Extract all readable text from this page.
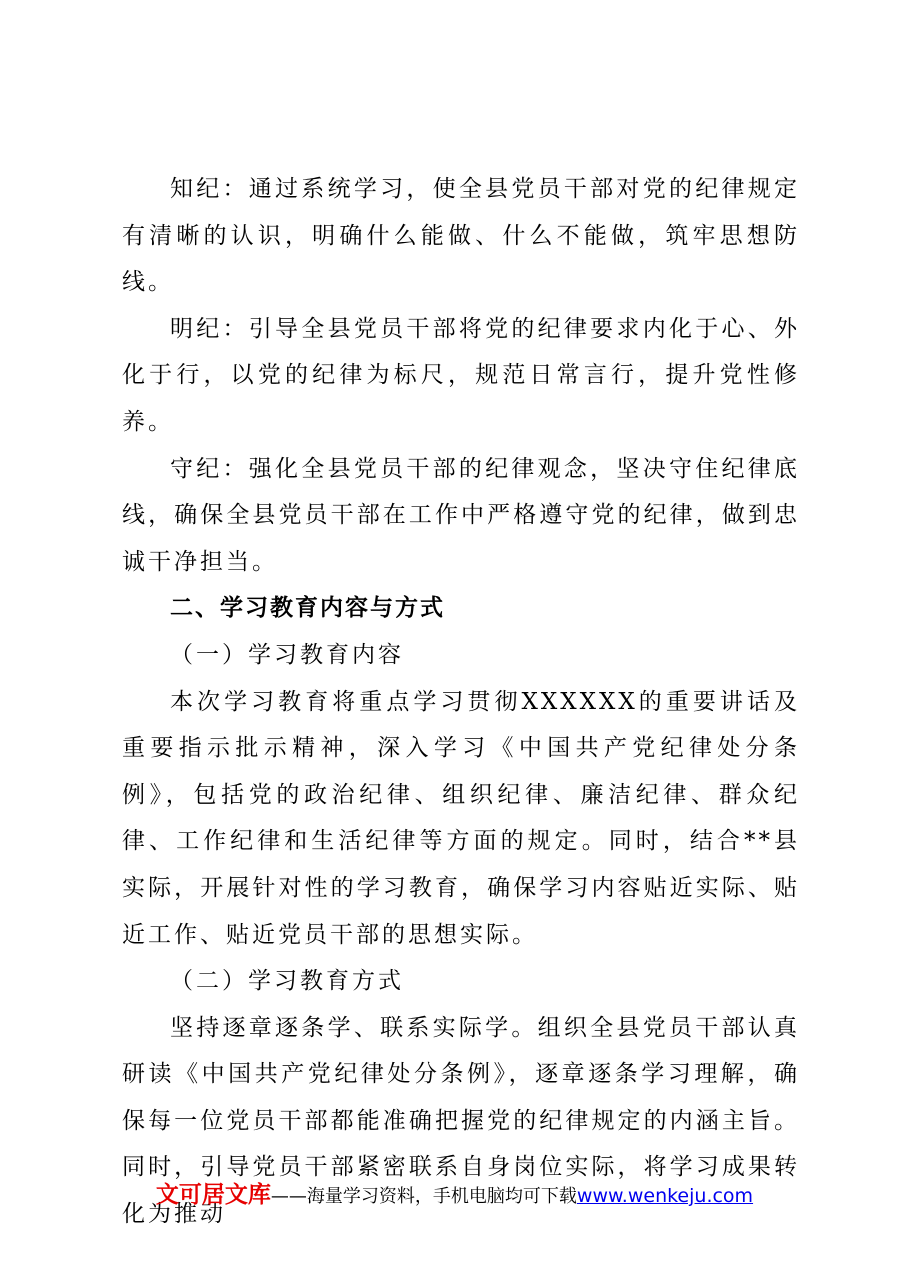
知纪：通过系统学习，使全县党员干部对党的纪律规定有清晰的认识，明确什么能做、什么不能做，筑牢思想防线。

明纪：引导全县党员干部将党的纪律要求内化于心、外化于行，以党的纪律为标尺，规范日常言行，提升党性修养。

守纪：强化全县党员干部的纪律观念，坚决守住纪律底线，确保全县党员干部在工作中严格遵守党的纪律，做到忠诚干净担当。

二、学习教育内容与方式

（一）学习教育内容

本次学习教育将重点学习贯彻XXXXXX的重要讲话及重要指示批示精神，深入学习《中国共产党纪律处分条例》，包括党的政治纪律、组织纪律、廉洁纪律、群众纪律、工作纪律和生活纪律等方面的规定。同时，结合**县实际，开展针对性的学习教育，确保学习内容贴近实际、贴近工作、贴近党员干部的思想实际。

（二）学习教育方式

坚持逐章逐条学、联系实际学。组织全县党员干部认真研读《中国共产党纪律处分条例》，逐章逐条学习理解，确保每一位党员干部都能准确把握党的纪律规定的内涵主旨。同时，引导党员干部紧密联系自身岗位实际，将学习成果转化为推动

文可居文库——海量学习资料，手机电脑均可下载www.wenkeju.com
